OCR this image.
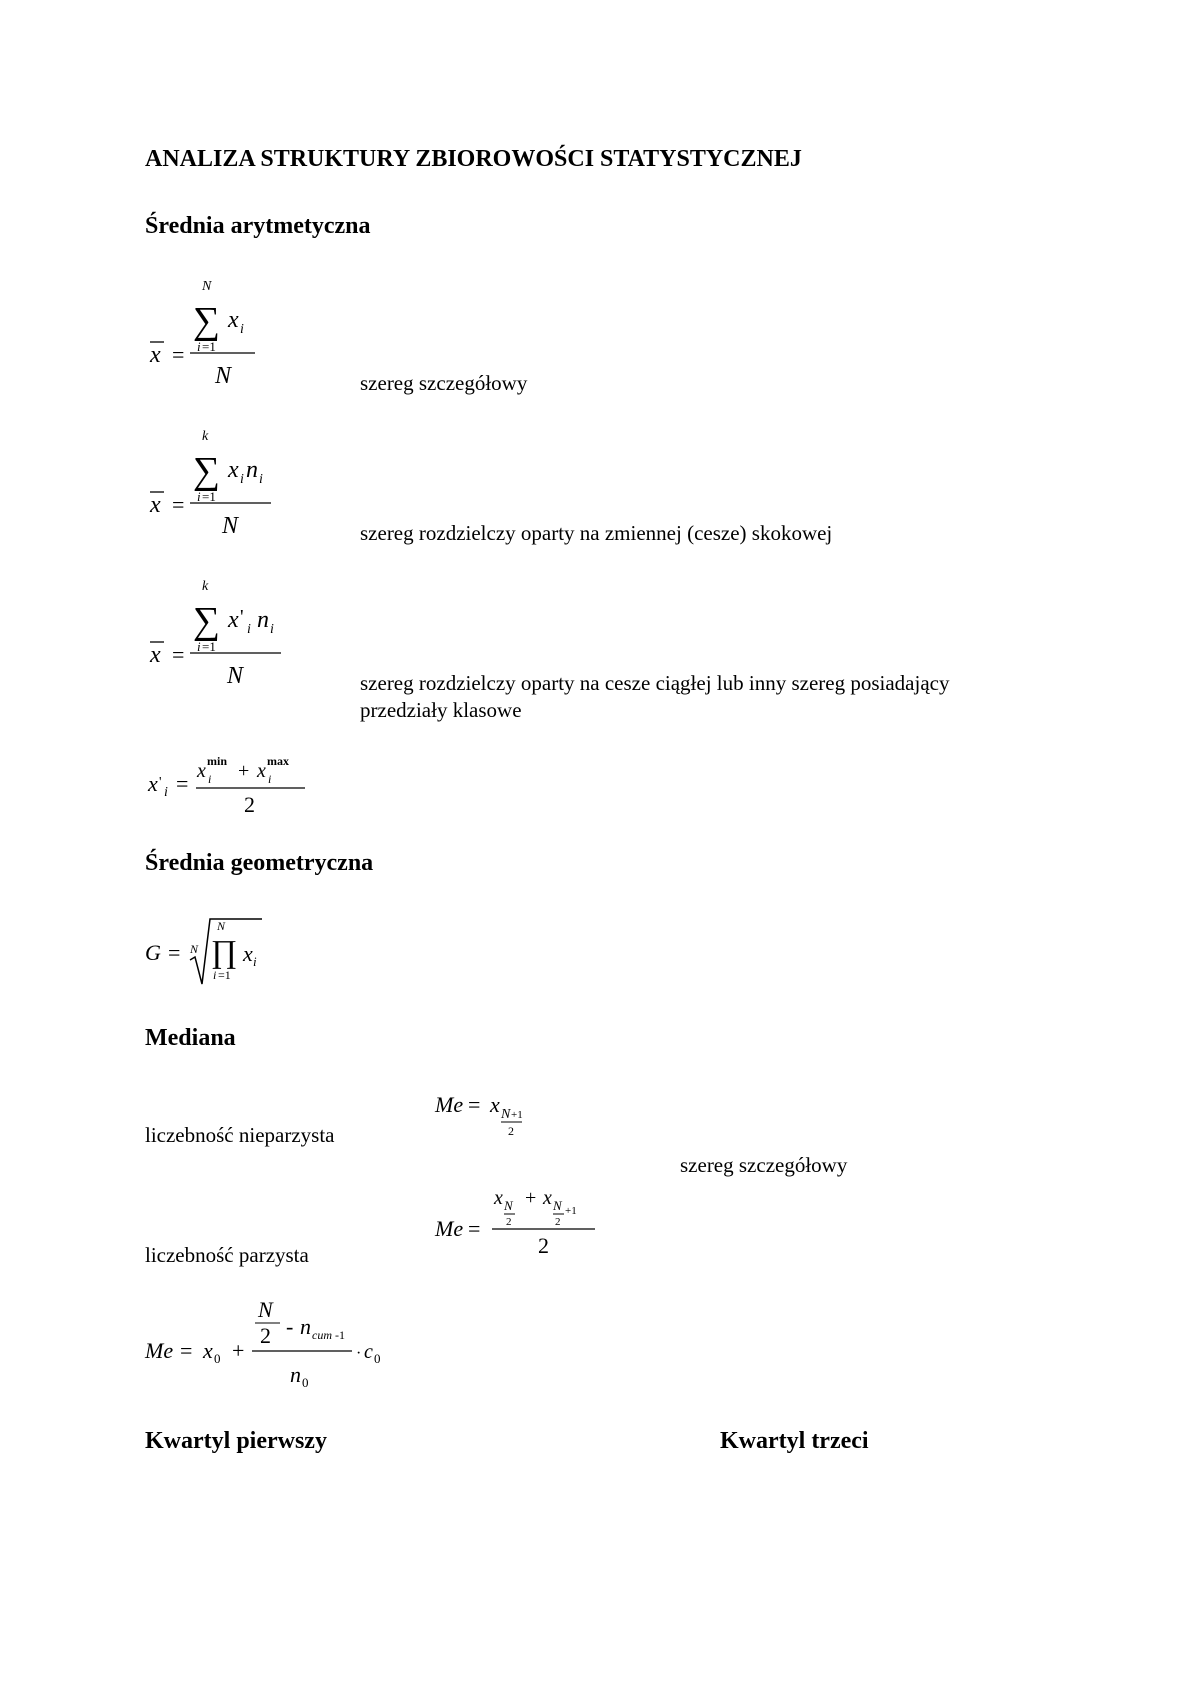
ANALIZA STRUKTURY ZBIOROWOŚCI STATYSTYCZNEJ
Średnia arytmetyczna
x =
N
∑ x i
i =1
N	szereg szczegółowy
x =
k
∑ x i n i
i =1
N	szereg rozdzielczy oparty na zmiennej (cesze) skokowej
x =
k
∑ x '
i n i
i =1
N	szereg rozdzielczy oparty na cesze ciągłej lub inny szereg posiadający
przedziały klasowe
x '
i = x min
i + x max
i
2
Średnia geometryczna
G = N
N
∏
i =1
x i
Mediana
Me = x N +1
2
liczebność nieparzysta
szereg szczegółowy
Me =
x N
2
+ x N
2
+1
2
liczebność parzysta
Me = x 0 +
N
2 - n cum -1
n 0
· c 0
Kwartyl pierwszy	Kwartyl trzeci
